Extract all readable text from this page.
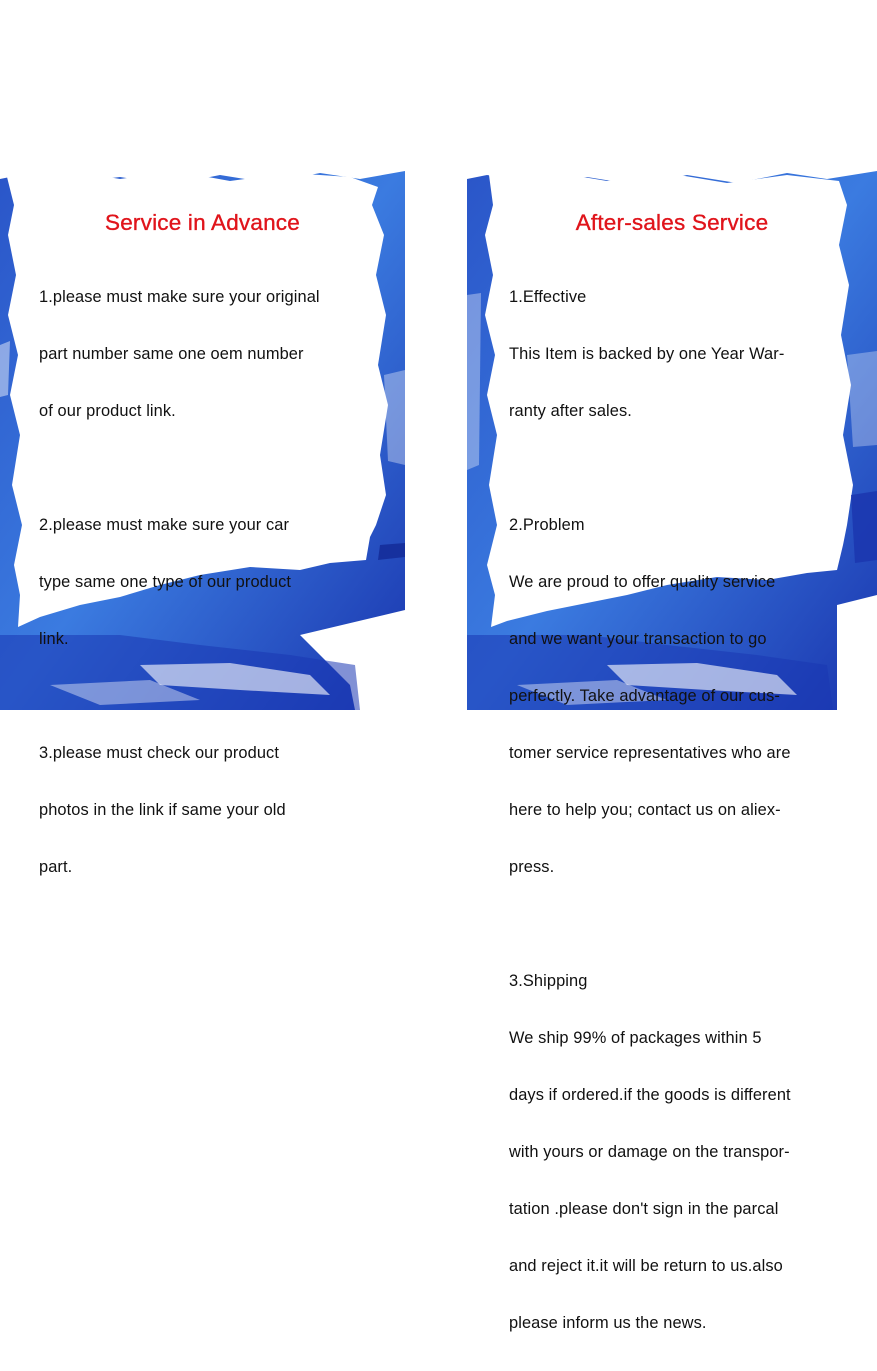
Service in Advance

1.please must make sure your original

part number same one oem number

of our product link.

2.please must make sure your car

type same one type of our product

link.

3.please must check our product

photos in the link if same your old

part.

After-sales Service

1.Effective

This Item is backed by one Year War-

ranty after sales.

2.Problem

We are proud to offer quality service

and we want your transaction to go

perfectly. Take advantage of our cus-

tomer service representatives who are

here to help you; contact us on aliex-

press.

3.Shipping

We ship 99% of packages within 5

days if ordered.if the goods is different

with yours or damage on the transpor-

tation .please don't sign in the parcal

and reject it.it will be return to us.also

please inform us the news.
